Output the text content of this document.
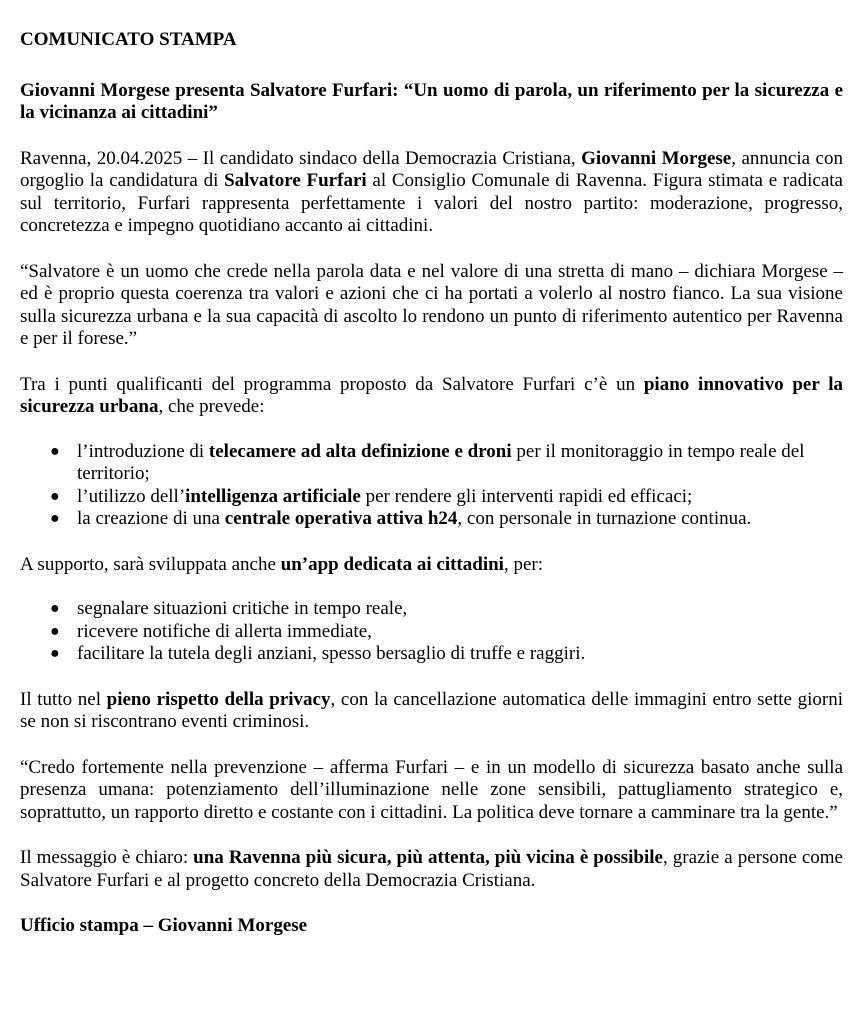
COMUNICATO STAMPA

Giovanni Morgese presenta Salvatore Furfari: “Un uomo di parola, un riferimento per la sicurezza e la vicinanza ai cittadini”

Ravenna, 20.04.2025 – Il candidato sindaco della Democrazia Cristiana, Giovanni Morgese, annuncia con orgoglio la candidatura di Salvatore Furfari al Consiglio Comunale di Ravenna. Figura stimata e radicata sul territorio, Furfari rappresenta perfettamente i valori del nostro partito: moderazione, progresso, concretezza e impegno quotidiano accanto ai cittadini.

“Salvatore è un uomo che crede nella parola data e nel valore di una stretta di mano – dichiara Morgese – ed è proprio questa coerenza tra valori e azioni che ci ha portati a volerlo al nostro fianco. La sua visione sulla sicurezza urbana e la sua capacità di ascolto lo rendono un punto di riferimento autentico per Ravenna e per il forese.”

Tra i punti qualificanti del programma proposto da Salvatore Furfari c’è un piano innovativo per la sicurezza urbana, che prevede:

● l’introduzione di telecamere ad alta definizione e droni per il monitoraggio in tempo reale del territorio;
● l’utilizzo dell’intelligenza artificiale per rendere gli interventi rapidi ed efficaci;
● la creazione di una centrale operativa attiva h24, con personale in turnazione continua.

A supporto, sarà sviluppata anche un’app dedicata ai cittadini, per:

● segnalare situazioni critiche in tempo reale,
● ricevere notifiche di allerta immediate,
● facilitare la tutela degli anziani, spesso bersaglio di truffe e raggiri.

Il tutto nel pieno rispetto della privacy, con la cancellazione automatica delle immagini entro sette giorni se non si riscontrano eventi criminosi.

“Credo fortemente nella prevenzione – afferma Furfari – e in un modello di sicurezza basato anche sulla presenza umana: potenziamento dell’illuminazione nelle zone sensibili, pattugliamento strategico e, soprattutto, un rapporto diretto e costante con i cittadini. La politica deve tornare a camminare tra la gente.”

Il messaggio è chiaro: una Ravenna più sicura, più attenta, più vicina è possibile, grazie a persone come Salvatore Furfari e al progetto concreto della Democrazia Cristiana.

Ufficio stampa – Giovanni Morgese
